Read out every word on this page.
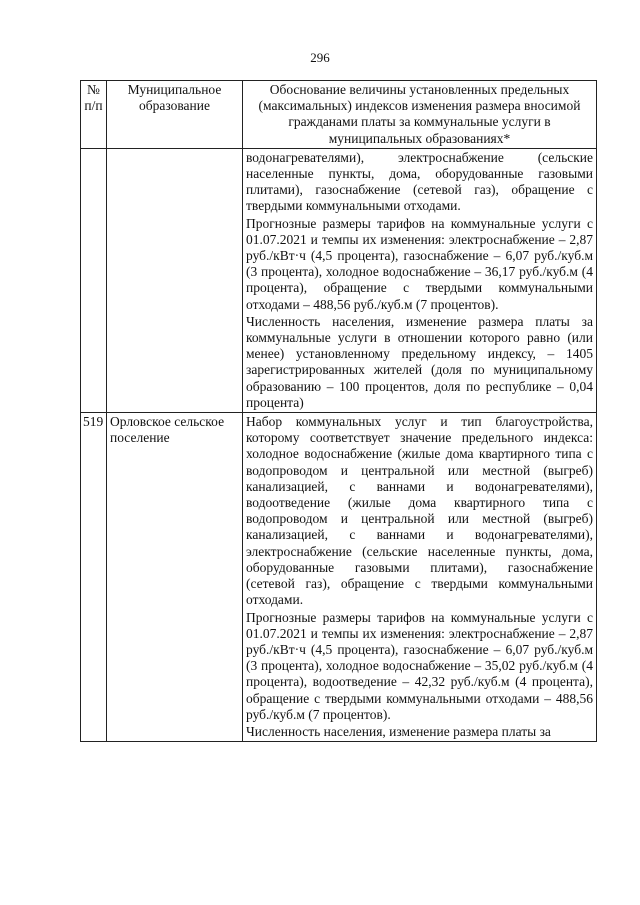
296
№ п/п	Муниципальное образование	Обоснование величины установленных предельных (максимальных) индексов изменения размера вносимой гражданами платы за коммунальные услуги в муниципальных образованиях*

		водонагревателями), электроснабжение (сельские населенные пункты, дома, оборудованные газовыми плитами), газоснабжение (сетевой газ), обращение с твердыми коммунальными отходами.

Прогнозные размеры тарифов на коммунальные услуги с 01.07.2021 и темпы их изменения: электроснабжение – 2,87 руб./кВт·ч (4,5 процента), газоснабжение – 6,07 руб./куб.м (3 процента), холодное водоснабжение – 36,17 руб./куб.м (4 процента), обращение с твердыми коммунальными отходами – 488,56 руб./куб.м (7 процентов).

Численность населения, изменение размера платы за коммунальные услуги в отношении которого равно (или менее) установленному предельному индексу, – 1405 зарегистрированных жителей (доля по муниципальному образованию – 100 процентов, доля по республике – 0,04 процента)

519	Орловское сельское поселение	Набор коммунальных услуг и тип благоустройства, которому соответствует значение предельного индекса: холодное водоснабжение (жилые дома квартирного типа с водопроводом и центральной или местной (выгреб) канализацией, с ваннами и водонагревателями), водоотведение (жилые дома квартирного типа с водопроводом и центральной или местной (выгреб) канализацией, с ваннами и водонагревателями), электроснабжение (сельские населенные пункты, дома, оборудованные газовыми плитами), газоснабжение (сетевой газ), обращение с твердыми коммунальными отходами.

Прогнозные размеры тарифов на коммунальные услуги с 01.07.2021 и темпы их изменения: электроснабжение – 2,87 руб./кВт·ч (4,5 процента), газоснабжение – 6,07 руб./куб.м (3 процента), холодное водоснабжение – 35,02 руб./куб.м (4 процента), водоотведение – 42,32 руб./куб.м (4 процента), обращение с твердыми коммунальными отходами – 488,56 руб./куб.м (7 процентов).

Численность населения, изменение размера платы за
